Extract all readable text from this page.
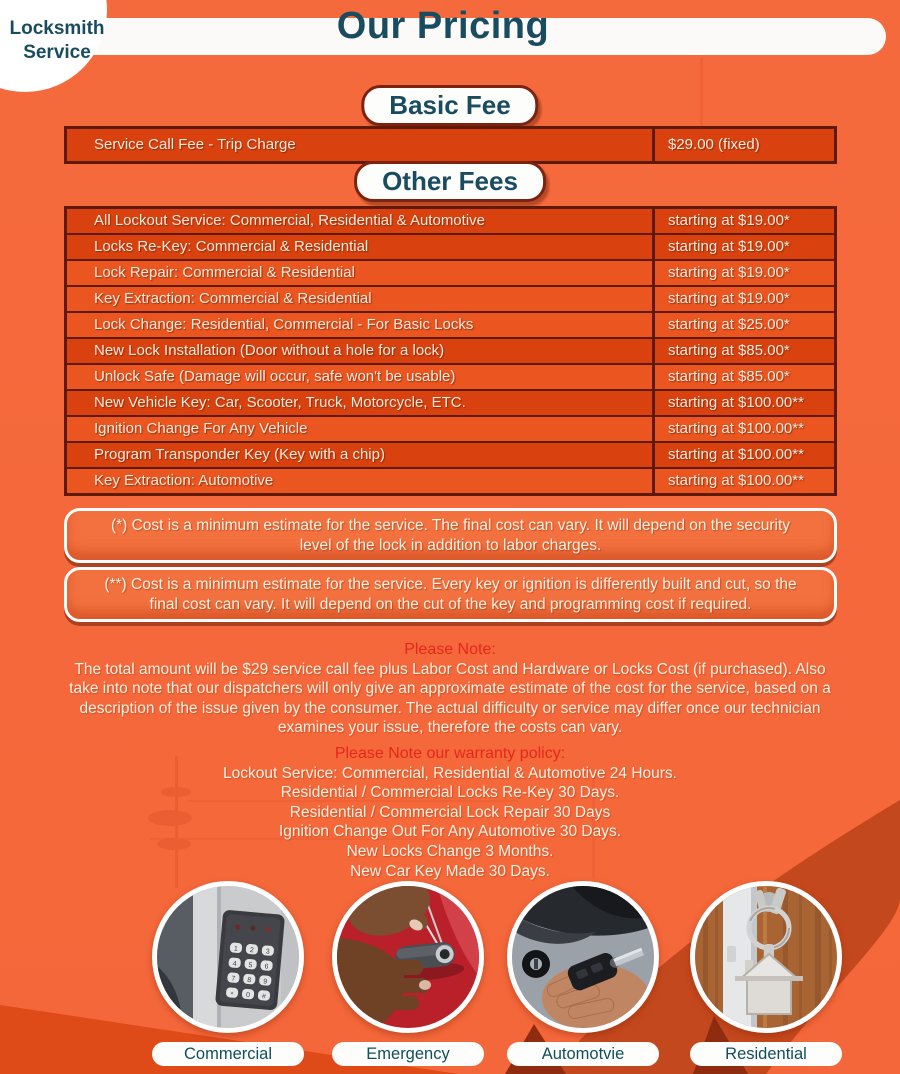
Our Pricing
Locksmith
Service
Basic Fee
Service Call Fee - Trip Charge	$29.00 (fixed)
Other Fees
All Lockout Service: Commercial, Residential & Automotive	starting at $19.00*
Locks Re-Key: Commercial & Residential	starting at $19.00*
Lock Repair: Commercial & Residential	starting at $19.00*
Key Extraction: Commercial & Residential	starting at $19.00*
Lock Change: Residential, Commercial - For Basic Locks	starting at $25.00*
New Lock Installation (Door without a hole for a lock)	starting at $85.00*
Unlock Safe (Damage will occur, safe won't be usable)	starting at $85.00*
New Vehicle Key: Car, Scooter, Truck, Motorcycle, ETC.	starting at $100.00**
Ignition Change For Any Vehicle	starting at $100.00**
Program Transponder Key (Key with a chip)	starting at $100.00**
Key Extraction: Automotive	starting at $100.00**
(*) Cost is a minimum estimate for the service. The final cost can vary. It will depend on the security level of the lock in addition to labor charges.
(**) Cost is a minimum estimate for the service. Every key or ignition is differently built and cut, so the final cost can vary. It will depend on the cut of the key and programming cost if required.
Please Note:
The total amount will be $29 service call fee plus Labor Cost and Hardware or Locks Cost (if purchased). Also take into note that our dispatchers will only give an approximate estimate of the cost for the service, based on a description of the issue given by the consumer. The actual difficulty or service may differ once our technician examines your issue, therefore the costs can vary.
Please Note our warranty policy:
Lockout Service: Commercial, Residential & Automotive 24 Hours.
Residential / Commercial Locks Re-Key 30 Days.
Residential / Commercial Lock Repair 30 Days
Ignition Change Out For Any Automotive 30 Days.
New Locks Change 3 Months.
New Car Key Made 30 Days.
1 2 3
4 5 6
7 8 9
* 0 #
Commercial	Emergency	Automotvie	Residential
